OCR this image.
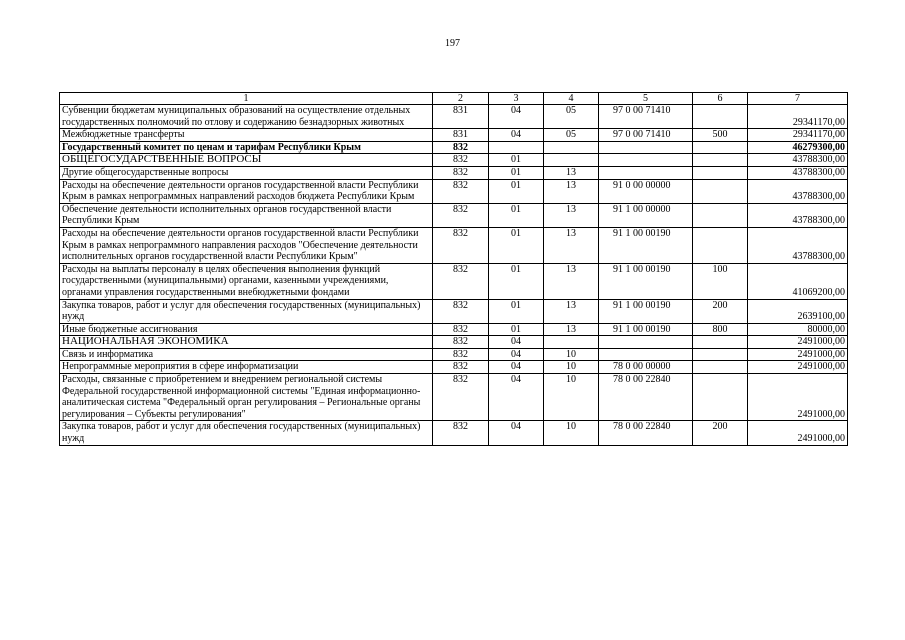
197
1	2	3	4	5	6	7
Субвенции бюджетам муниципальных образований на осуществление отдельных государственных полномочий по отлову и содержанию безнадзорных животных	831	04	05	97 0 00 71410		29341170,00
Межбюджетные трансферты	831	04	05	97 0 00 71410	500	29341170,00
Государственный комитет по ценам и тарифам Республики Крым	832					46279300,00
ОБЩЕГОСУДАРСТВЕННЫЕ ВОПРОСЫ	832	01				43788300,00
Другие общегосударственные вопросы	832	01	13			43788300,00
Расходы на обеспечение деятельности органов государственной власти Республики Крым в рамках непрограммных направлений расходов бюджета Республики Крым	832	01	13	91 0 00 00000		43788300,00
Обеспечение деятельности исполнительных органов государственной власти Республики Крым	832	01	13	91 1 00 00000		43788300,00
Расходы на обеспечение деятельности органов государственной власти Республики Крым в рамках непрограммного направления расходов "Обеспечение деятельности исполнительных органов государственной власти Республики Крым"	832	01	13	91 1 00 00190		43788300,00
Расходы на выплаты персоналу в целях обеспечения выполнения функций государственными (муниципальными) органами, казенными учреждениями, органами управления государственными внебюджетными фондами	832	01	13	91 1 00 00190	100	41069200,00
Закупка товаров, работ и услуг для обеспечения государственных (муниципальных) нужд	832	01	13	91 1 00 00190	200	2639100,00
Иные бюджетные ассигнования	832	01	13	91 1 00 00190	800	80000,00
НАЦИОНАЛЬНАЯ ЭКОНОМИКА	832	04				2491000,00
Связь и информатика	832	04	10			2491000,00
Непрограммные мероприятия в сфере информатизации	832	04	10	78 0 00 00000		2491000,00
Расходы, связанные с приобретением и внедрением региональной системы Федеральной государственной информационной системы "Единая информационно-аналитическая система "Федеральный орган регулирования – Региональные органы регулирования – Субъекты регулирования"	832	04	10	78 0 00 22840		2491000,00
Закупка товаров, работ и услуг для обеспечения государственных (муниципальных) нужд	832	04	10	78 0 00 22840	200	2491000,00
